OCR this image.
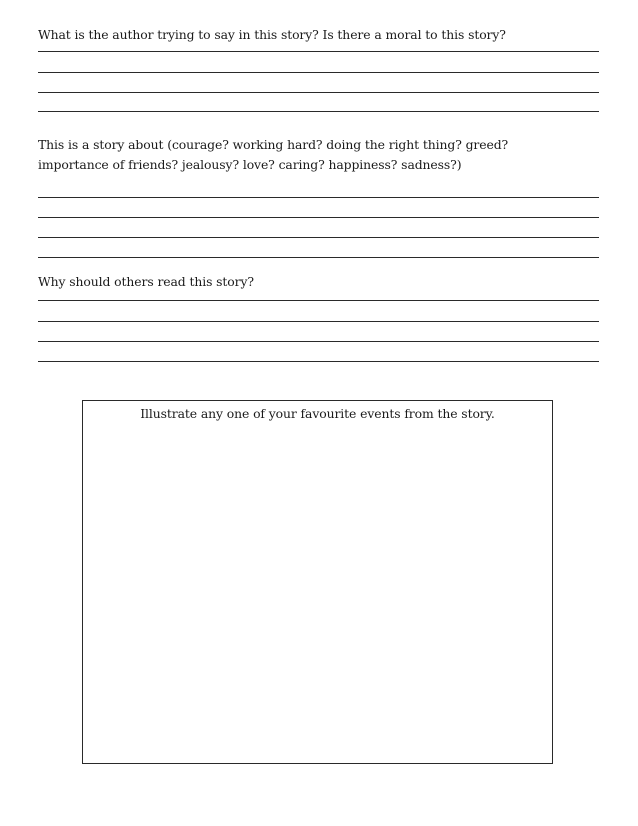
What is the author trying to say in this story? Is there a moral to this story?
This is a story about (courage? working hard? doing the right thing? greed?
importance of friends? jealousy? love? caring? happiness? sadness?)
Why should others read this story?
Illustrate any one of your favourite events from the story.
